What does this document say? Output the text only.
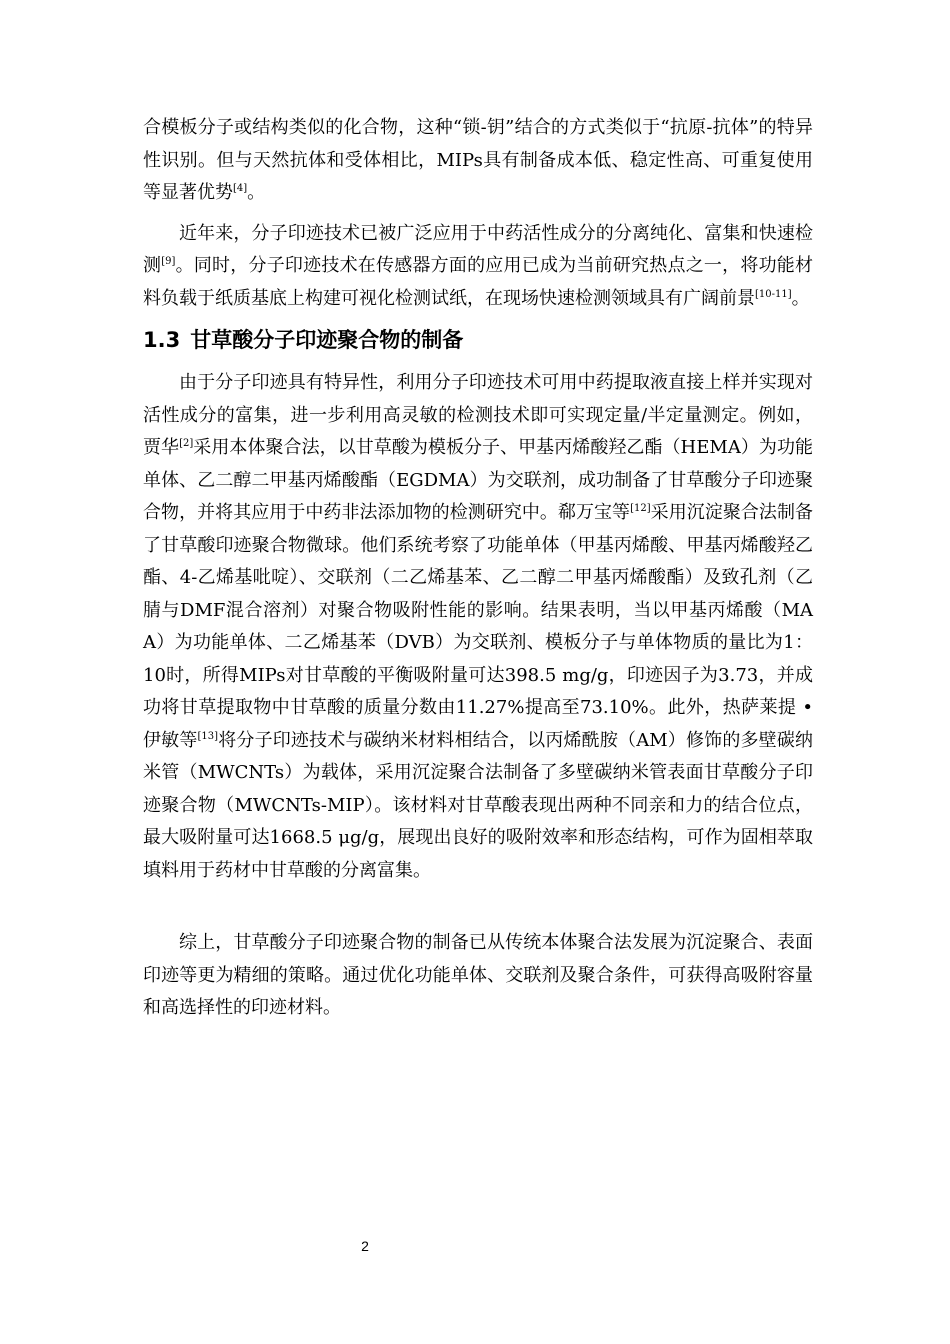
合模板分子或结构类似的化合物，这种“锁-钥”结合的方式类似于“抗原-抗体”的特异性识别。但与天然抗体和受体相比，MIPs具有制备成本低、稳定性高、可重复使用等显著优势[4]。

近年来，分子印迹技术已被广泛应用于中药活性成分的分离纯化、富集和快速检测[9]。同时，分子印迹技术在传感器方面的应用已成为当前研究热点之一，将功能材料负载于纸质基底上构建可视化检测试纸，在现场快速检测领域具有广阔前景[10-11]。

1.3 甘草酸分子印迹聚合物的制备

由于分子印迹具有特异性，利用分子印迹技术可用中药提取液直接上样并实现对活性成分的富集，进一步利用高灵敏的检测技术即可实现定量/半定量测定。例如，贾华[2]采用本体聚合法，以甘草酸为模板分子、甲基丙烯酸羟乙酯（HEMA）为功能单体、乙二醇二甲基丙烯酸酯（EGDMA）为交联剂，成功制备了甘草酸分子印迹聚合物，并将其应用于中药非法添加物的检测研究中。郗万宝等[12]采用沉淀聚合法制备了甘草酸印迹聚合物微球。他们系统考察了功能单体（甲基丙烯酸、甲基丙烯酸羟乙酯、4-乙烯基吡啶）、交联剂（二乙烯基苯、乙二醇二甲基丙烯酸酯）及致孔剂（乙腈与DMF混合溶剂）对聚合物吸附性能的影响。结果表明，当以甲基丙烯酸（MAA）为功能单体、二乙烯基苯（DVB）为交联剂、模板分子与单体物质的量比为1：10时，所得MIPs对甘草酸的平衡吸附量可达398.5 mg/g，印迹因子为3.73，并成功将甘草提取物中甘草酸的质量分数由11.27%提高至73.10%。此外，热萨莱提 • 伊敏等[13]将分子印迹技术与碳纳米材料相结合，以丙烯酰胺（AM）修饰的多壁碳纳米管（MWCNTs）为载体，采用沉淀聚合法制备了多壁碳纳米管表面甘草酸分子印迹聚合物（MWCNTs-MIP）。该材料对甘草酸表现出两种不同亲和力的结合位点，最大吸附量可达1668.5 μg/g，展现出良好的吸附效率和形态结构，可作为固相萃取填料用于药材中甘草酸的分离富集。

综上，甘草酸分子印迹聚合物的制备已从传统本体聚合法发展为沉淀聚合、表面印迹等更为精细的策略。通过优化功能单体、交联剂及聚合条件，可获得高吸附容量和高选择性的印迹材料。

2
